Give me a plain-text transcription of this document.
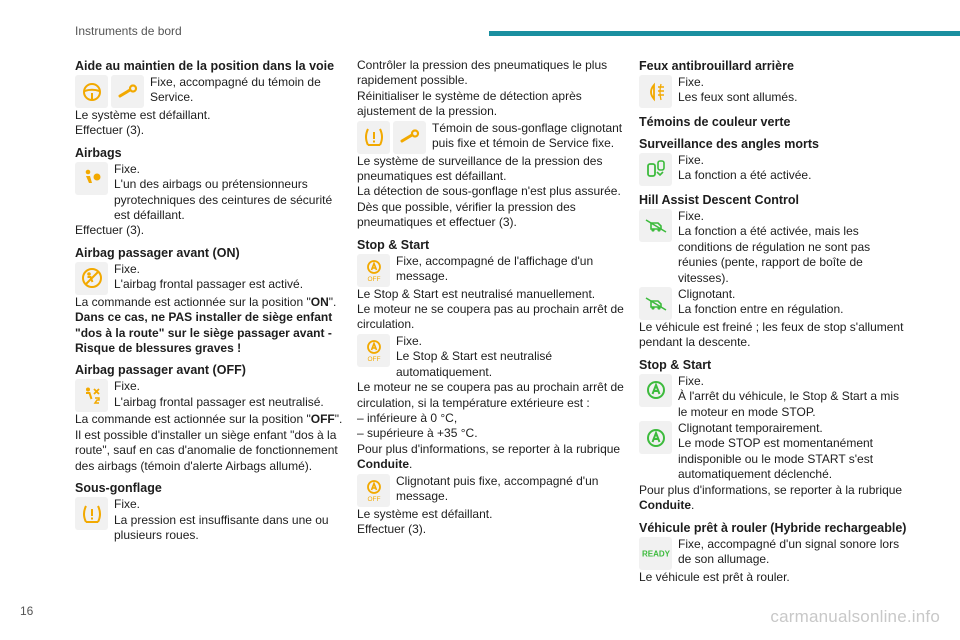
Instruments de bord
Aide au maintien de la position dans la voie
Fixe, accompagné du témoin de Service.
Le système est défaillant.
Effectuer (3).
Airbags
Fixe.
L'un des airbags ou prétensionneurs pyrotechniques des ceintures de sécurité est défaillant.
Effectuer (3).
Airbag passager avant (ON)
Fixe.
L'airbag frontal passager est activé.
La commande est actionnée sur la position "ON".
Dans ce cas, ne PAS installer de siège enfant "dos à la route" sur le siège passager avant - Risque de blessures graves !
Airbag passager avant (OFF)
Fixe.
L'airbag frontal passager est neutralisé.
La commande est actionnée sur la position "OFF".
Il est possible d'installer un siège enfant "dos à la route", sauf en cas d'anomalie de fonctionnement des airbags (témoin d'alerte Airbags allumé).
Sous-gonflage
Fixe.
La pression est insuffisante dans une ou plusieurs roues.
Contrôler la pression des pneumatiques le plus rapidement possible.
Réinitialiser le système de détection après ajustement de la pression.
Témoin de sous-gonflage clignotant puis fixe et témoin de Service fixe.
Le système de surveillance de la pression des pneumatiques est défaillant.
La détection de sous-gonflage n'est plus assurée.
Dès que possible, vérifier la pression des pneumatiques et effectuer (3).
Stop & Start
OFF
Fixe, accompagné de l'affichage d'un message.
Le Stop & Start est neutralisé manuellement.
Le moteur ne se coupera pas au prochain arrêt de circulation.
OFF
Fixe.
Le Stop & Start est neutralisé automatiquement.
Le moteur ne se coupera pas au prochain arrêt de circulation, si la température extérieure est :
– inférieure à 0 °C,
– supérieure à +35 °C.
Pour plus d'informations, se reporter à la rubrique Conduite.
OFF
Clignotant puis fixe, accompagné d'un message.
Le système est défaillant.
Effectuer (3).
Feux antibrouillard arrière
Fixe.
Les feux sont allumés.
Témoins de couleur verte
Surveillance des angles morts
Fixe.
La fonction a été activée.
Hill Assist Descent Control
Fixe.
La fonction a été activée, mais les conditions de régulation ne sont pas réunies (pente, rapport de boîte de vitesses).
Clignotant.
La fonction entre en régulation.
Le véhicule est freiné ; les feux de stop s'allument pendant la descente.
Stop & Start
Fixe.
À l'arrêt du véhicule, le Stop & Start a mis le moteur en mode STOP.
Clignotant temporairement.
Le mode STOP est momentanément indisponible ou le mode START s'est automatiquement déclenché.
Pour plus d'informations, se reporter à la rubrique Conduite.
Véhicule prêt à rouler (Hybride rechargeable)
READY
Fixe, accompagné d'un signal sonore lors de son allumage.
Le véhicule est prêt à rouler.
16	carmanualsonline.info
